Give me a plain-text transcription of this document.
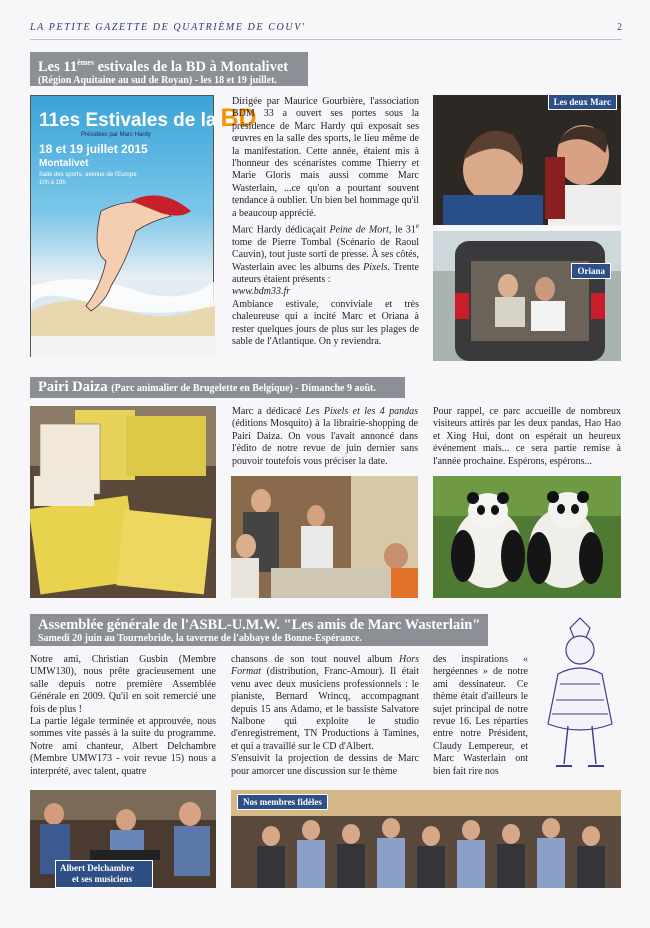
LA PETITE GAZETTE DE QUATRIÈME DE COUV'	2
Les 11èmes estivales de la BD à Montalivet
(Région Aquitaine au sud de Royan) - les 18 et 19 juillet.
11es Estivales de la BD
Présidées par Marc Hardy
18 et 19 juillet 2015
Montalivet
Salle des sports, avenue de l'Europe
10h à 19h

Dirigée par Maurice Gourbière, l'association BDM 33 a ouvert ses portes sous la présidence de Marc Hardy qui exposait ses œuvres en la salle des sports, le lieu même de la manifestation. Cette année, étaient mis à l'honneur des scénaristes comme Thierry et Marie Gloris mais aussi comme Marc Wasterlain, ...ce qu'on a pourtant souvent tendance à oublier. Un bien bel hommage qu'il a beaucoup apprécié.

Marc Hardy dédicaçait Peine de Mort, le 31e tome de Pierre Tombal (Scénario de Raoul Cauvin), tout juste sorti de presse. À ses côtés, Wasterlain avec les albums des Pixels. Trente auteurs étaient présents :

www.bdm33.fr

Ambiance estivale, conviviale et très chaleureuse qui a incité Marc et Oriana à rester quelques jours de plus sur les plages de sable de l'Atlantique. On y reviendra.

Les deux Marc
Oriana
Pairi Daiza (Parc animalier de Brugelette en Belgique) - Dimanche 9 août.

Marc a dédicacé Les Pixels et les 4 pandas (éditions Mosquito) à la librairie-shopping de Pairi Daiza. On vous l'avait annoncé dans l'édito de notre revue de juin dernier sans pouvoir toutefois vous préciser la date.

Pour rappel, ce parc accueille de nombreux visiteurs attirés par les deux pandas, Hao Hao et Xing Hui, dont on espérait un heureux événement mais... ce sera partie remise à l'année prochaine. Espérons, espérons...

Assemblée générale de l'ASBL-U.M.W. "Les amis de Marc Wasterlain"
Samedi 20 juin au Tournebride, la taverne de l'abbaye de Bonne-Espérance.

Notre ami, Christian Gusbin (Membre UMW130), nous prête gracieusement une salle depuis notre première Assemblée Générale en 2009. Qu'il en soit remercié une fois de plus !

La partie légale terminée et approuvée, nous sommes vite passés à la suite du programme. Notre ami chanteur, Albert Delchambre (Membre UMW173 - voir revue 15) nous a interprété, avec talent, quatre

chansons de son tout nouvel album Hors Format (distribution, Franc-Amour). Il était venu avec deux musiciens professionnels : le pianiste, Bernard Wrincq, accompagnant depuis 15 ans Adamo, et le bassiste Salvatore Nalbone qui exploite le studio d'enregistrement, TN Productions à Tamines, et qui a travaillé sur le CD d'Albert.

S'ensuivit la projection de dessins de Marc pour amorcer une discussion sur le thème

des inspirations « hergéennes » de notre ami dessinateur. Ce thème était d'ailleurs le sujet principal de notre revue 16. Les réparties entre notre Président, Claudy Lempereur, et Marc Wasterlain ont bien fait rire nos

Albert Delchambre
et ses musiciens
Nos membres fidèles
